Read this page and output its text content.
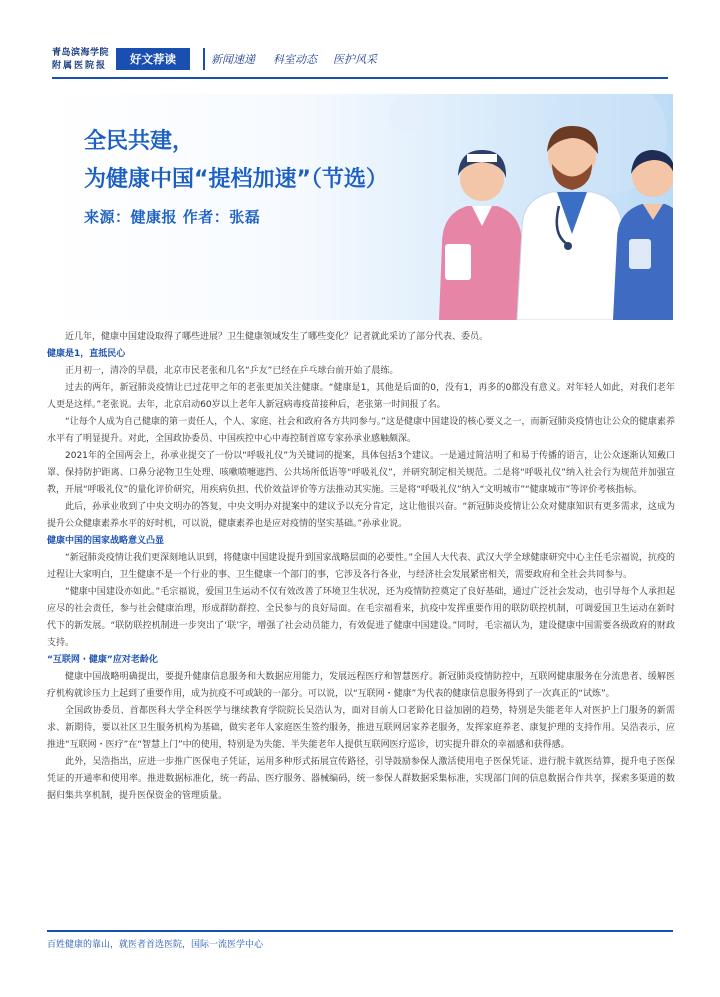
青岛滨海学院
附属医院报	好文荐读	新闻速递 科室动态 医护风采
全民共建，
为健康中国“提档加速”（节选）
来源：健康报 作者：张磊

近几年，健康中国建设取得了哪些进展？卫生健康领域发生了哪些变化？记者就此采访了部分代表、委员。

健康是1，直抵民心

正月初一，清冷的早晨，北京市民老张和几名“乒友”已经在乒乓球台前开始了晨练。

过去的两年，新冠肺炎疫情让已过花甲之年的老张更加关注健康。“健康是1，其他是后面的0，没有1，再多的0都没有意义。对年轻人如此，对我们老年人更是这样。”老张说。去年，北京启动60岁以上老年人新冠病毒疫苗接种后，老张第一时间报了名。

“让每个人成为自己健康的第一责任人，个人、家庭、社会和政府各方共同参与。”这是健康中国建设的核心要义之一，而新冠肺炎疫情也让公众的健康素养水平有了明显提升。对此，全国政协委员、中国疾控中心中毒控制首席专家孙承业感触颇深。

2021年的全国两会上，孙承业提交了一份以“呼吸礼仪”为关键词的提案，具体包括3个建议。一是通过简洁明了和易于传播的语言，让公众逐渐认知戴口罩、保持防护距离、口鼻分泌物卫生处理、咳嗽喷嚏遮挡、公共场所低语等“呼吸礼仪”，并研究制定相关规范。二是将“呼吸礼仪”纳入社会行为规范并加强宣教，开展“呼吸礼仪”的量化评价研究，用疾病负担、代价效益评价等方法推动其实施。三是将“呼吸礼仪”纳入“文明城市”“健康城市”等评价考核指标。

此后，孙承业收到了中央文明办的答复，中央文明办对提案中的建议予以充分肯定，这让他很兴奋。“新冠肺炎疫情让公众对健康知识有更多需求，这成为提升公众健康素养水平的好时机，可以说，健康素养也是应对疫情的坚实基础。”孙承业说。

健康中国的国家战略意义凸显

“新冠肺炎疫情让我们更深刻地认识到，将健康中国建设提升到国家战略层面的必要性。”全国人大代表、武汉大学全球健康研究中心主任毛宗福说，抗疫的过程让大家明白，卫生健康不是一个行业的事、卫生健康一个部门的事，它涉及各行各业，与经济社会发展紧密相关，需要政府和全社会共同参与。

“健康中国建设亦如此。”毛宗福说，爱国卫生运动不仅有效改善了环境卫生状况，还为疫情防控奠定了良好基础，通过广泛社会发动，也引导每个人承担起应尽的社会责任，参与社会健康治理，形成群防群控、全民参与的良好局面。在毛宗福看来，抗疫中发挥重要作用的联防联控机制，可调爱国卫生运动在新时代下的新发展。“联防联控机制进一步突出了‘联’字，增强了社会动员能力，有效促进了健康中国建设。”同时，毛宗福认为，建设健康中国需要各级政府的财政支持。

“互联网・健康”应对老龄化

健康中国战略明确提出，要提升健康信息服务和大数据应用能力，发展远程医疗和智慧医疗。新冠肺炎疫情防控中，互联网健康服务在分流患者、缓解医疗机构就诊压力上起到了重要作用，成为抗疫不可或缺的一部分。可以说，以“互联网・健康”为代表的健康信息服务得到了一次真正的“试炼”。

全国政协委员、首都医科大学全科医学与继续教育学院院长吴浩认为，面对目前人口老龄化日益加剧的趋势，特别是失能老年人对医护上门服务的新需求、新期待，要以社区卫生服务机构为基础，做实老年人家庭医生签约服务，推进互联网居家养老服务，发挥家庭养老、康复护理的支持作用。吴浩表示，应推进“互联网・医疗”在“智慧上门”中的使用，特别是为失能、半失能老年人提供互联网医疗巡诊，切实提升群众的幸福感和获得感。

此外，吴浩指出，应进一步推广医保电子凭证，运用多种形式拓展宣传路径，引导鼓励参保人激活使用电子医保凭证、进行脱卡就医结算，提升电子医保凭证的开通率和使用率。推进数据标准化，统一药品、医疗服务、器械编码，统一参保人群数据采集标准，实现部门间的信息数据合作共享，探索多渠道的数据归集共享机制，提升医保资金的管理质量。

百姓健康的靠山，就医者首选医院，国际一流医学中心
